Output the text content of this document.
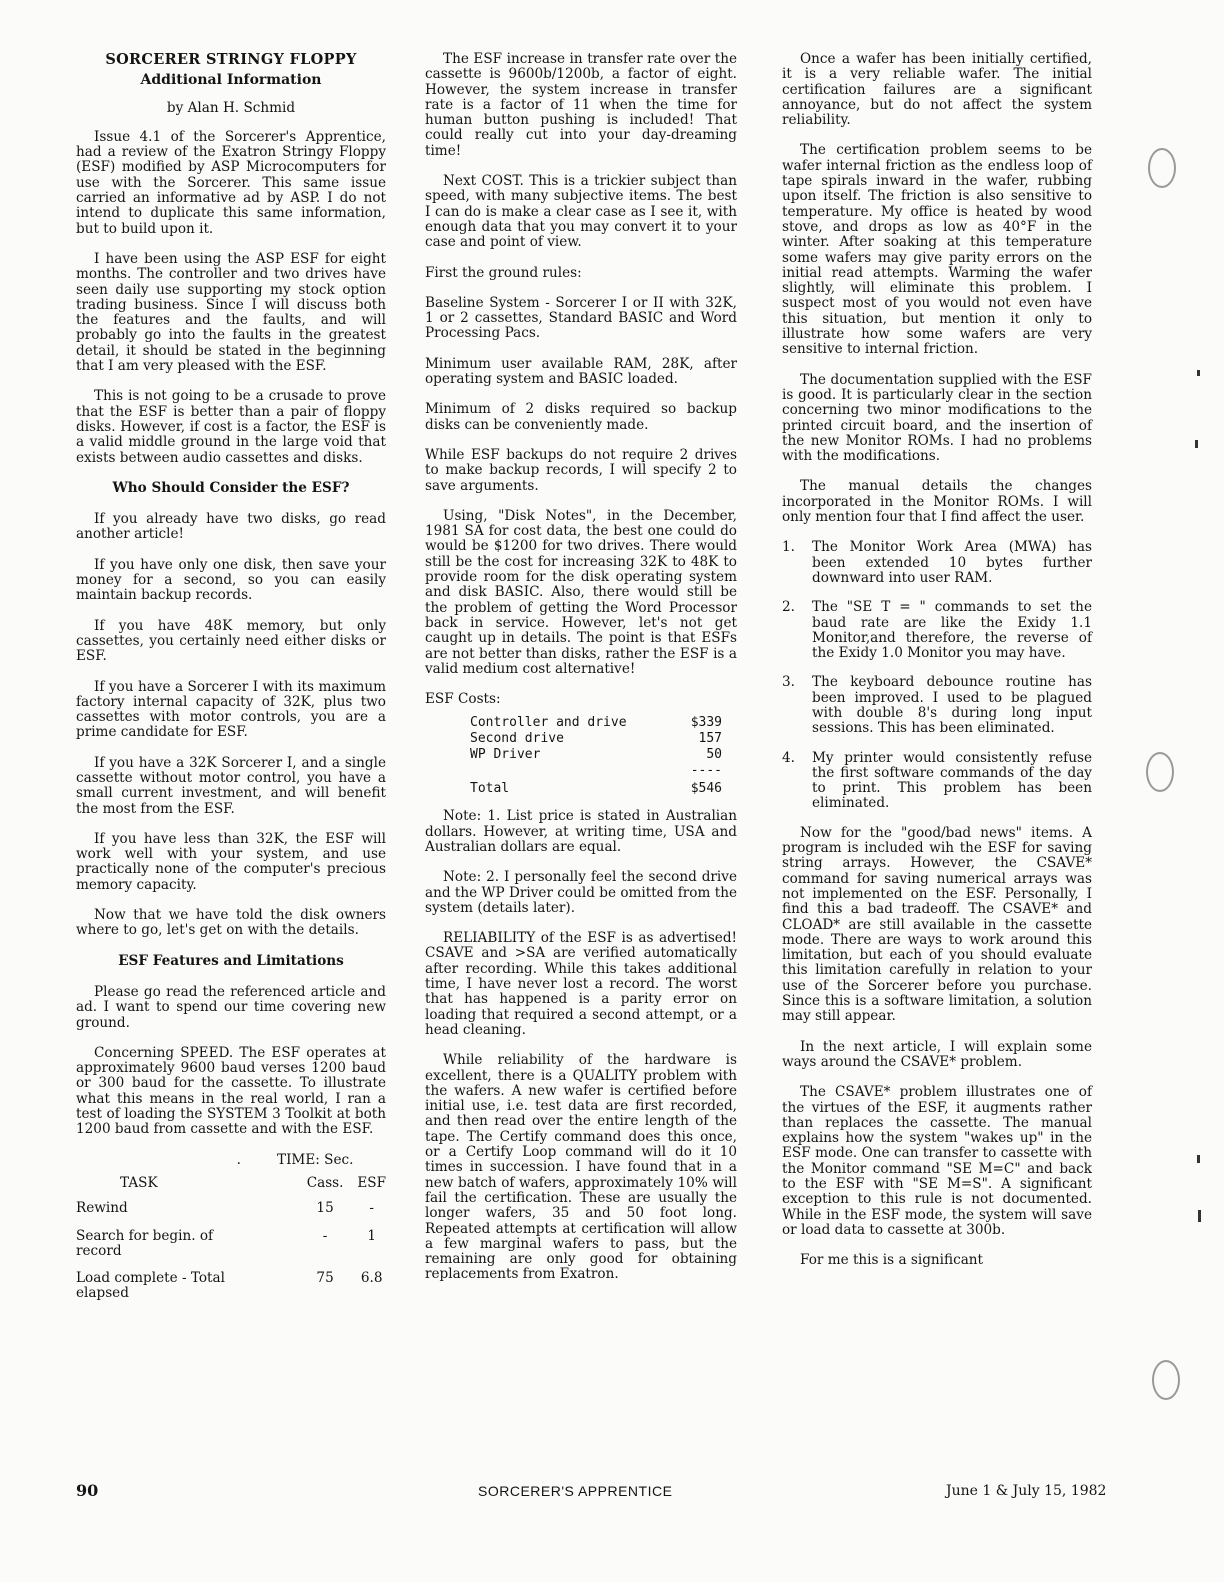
SORCERER STRINGY FLOPPY
Additional Information
by Alan H. Schmid

Issue 4.1 of the Sorcerer's Apprentice, had a review of the Exatron Stringy Floppy (ESF) modified by ASP Microcomputers for use with the Sorcerer. This same issue carried an informative ad by ASP. I do not intend to duplicate this same information, but to build upon it.

I have been using the ASP ESF for eight months. The controller and two drives have seen daily use supporting my stock option trading business. Since I will discuss both the features and the faults, and will probably go into the faults in the greatest detail, it should be stated in the beginning that I am very pleased with the ESF.

This is not going to be a crusade to prove that the ESF is better than a pair of floppy disks. However, if cost is a factor, the ESF is a valid middle ground in the large void that exists between audio cassettes and disks.

Who Should Consider the ESF?

If you already have two disks, go read another article!

If you have only one disk, then save your money for a second, so you can easily maintain backup records.

If you have 48K memory, but only cassettes, you certainly need either disks or ESF.

If you have a Sorcerer I with its maximum factory internal capacity of 32K, plus two cassettes with motor controls, you are a prime candidate for ESF.

If you have a 32K Sorcerer I, and a single cassette without motor control, you have a small current investment, and will benefit the most from the ESF.

If you have less than 32K, the ESF will work well with your system, and use practically none of the computer's precious memory capacity.

Now that we have told the disk owners where to go, let's get on with the details.

ESF Features and Limitations

Please go read the referenced article and ad. I want to spend our time covering new ground.

Concerning SPEED. The ESF operates at approximately 9600 baud verses 1200 baud or 300 baud for the cassette. To illustrate what this means in the real world, I ran a test of loading the SYSTEM 3 Toolkit at both 1200 baud from cassette and with the ESF.

.	TIME: Sec.
TASK	Cass.	ESF
Rewind	15	-
Search for begin. of record	-	1
Load complete - Total elapsed	75	6.8

The ESF increase in transfer rate over the cassette is 9600b/1200b, a factor of eight. However, the system increase in transfer rate is a factor of 11 when the time for human button pushing is included! That could really cut into your day-dreaming time!

Next COST. This is a trickier subject than speed, with many subjective items. The best I can do is make a clear case as I see it, with enough data that you may convert it to your case and point of view.

First the ground rules:

Baseline System - Sorcerer I or II with 32K, 1 or 2 cassettes, Standard BASIC and Word Processing Pacs.

Minimum user available RAM, 28K, after operating system and BASIC loaded.

Minimum of 2 disks required so backup disks can be conveniently made.

While ESF backups do not require 2 drives to make backup records, I will specify 2 to save arguments.

Using, "Disk Notes", in the December, 1981 SA for cost data, the best one could do would be $1200 for two drives. There would still be the cost for increasing 32K to 48K to provide room for the disk operating system and disk BASIC. Also, there would still be the problem of getting the Word Processor back in service. However, let's not get caught up in details. The point is that ESFs are not better than disks, rather the ESF is a valid medium cost alternative!

ESF Costs:

Controller and drive	$339
Second drive	157
WP Driver	50
	----
Total	$546

Note: 1. List price is stated in Australian dollars. However, at writing time, USA and Australian dollars are equal.

Note: 2. I personally feel the second drive and the WP Driver could be omitted from the system (details later).

RELIABILITY of the ESF is as advertised! CSAVE and >SA are verified automatically after recording. While this takes additional time, I have never lost a record. The worst that has happened is a parity error on loading that required a second attempt, or a head cleaning.

While reliability of the hardware is excellent, there is a QUALITY problem with the wafers. A new wafer is certified before initial use, i.e. test data are first recorded, and then read over the entire length of the tape. The Certify command does this once, or a Certify Loop command will do it 10 times in succession. I have found that in a new batch of wafers, approximately 10% will fail the certification. These are usually the longer wafers, 35 and 50 foot long. Repeated attempts at certification will allow a few marginal wafers to pass, but the remaining are only good for obtaining replacements from Exatron.

Once a wafer has been initially certified, it is a very reliable wafer. The initial certification failures are a significant annoyance, but do not affect the system reliability.

The certification problem seems to be wafer internal friction as the endless loop of tape spirals inward in the wafer, rubbing upon itself. The friction is also sensitive to temperature. My office is heated by wood stove, and drops as low as 40°F in the winter. After soaking at this temperature some wafers may give parity errors on the initial read attempts. Warming the wafer slightly, will eliminate this problem. I suspect most of you would not even have this situation, but mention it only to illustrate how some wafers are very sensitive to internal friction.

The documentation supplied with the ESF is good. It is particularly clear in the section concerning two minor modifications to the printed circuit board, and the insertion of the new Monitor ROMs. I had no problems with the modifications.

The manual details the changes incorporated in the Monitor ROMs. I will only mention four that I find affect the user.

1.	The Monitor Work Area (MWA) has been extended 10 bytes further downward into user RAM.
2.	The "SE T = " commands to set the baud rate are like the Exidy 1.1 Monitor,and therefore, the reverse of the Exidy 1.0 Monitor you may have.
3.	The keyboard debounce routine has been improved. I used to be plagued with double 8's during long input sessions. This has been eliminated.
4.	My printer would consistently refuse the first software commands of the day to print. This problem has been eliminated.

Now for the "good/bad news" items. A program is included wih the ESF for saving string arrays. However, the CSAVE* command for saving numerical arrays was not implemented on the ESF. Personally, I find this a bad tradeoff. The CSAVE* and CLOAD* are still available in the cassette mode. There are ways to work around this limitation, but each of you should evaluate this limitation carefully in relation to your use of the Sorcerer before you purchase. Since this is a software limitation, a solution may still appear.

In the next article, I will explain some ways around the CSAVE* problem.

The CSAVE* problem illustrates one of the virtues of the ESF, it augments rather than replaces the cassette. The manual explains how the system "wakes up" in the ESF mode. One can transfer to cassette with the Monitor command "SE M=C" and back to the ESF with "SE M=S". A significant exception to this rule is not documented. While in the ESF mode, the system will save or load data to cassette at 300b.

For me this is a significant

90	SORCERER'S APPRENTICE	June 1 & July 15, 1982
